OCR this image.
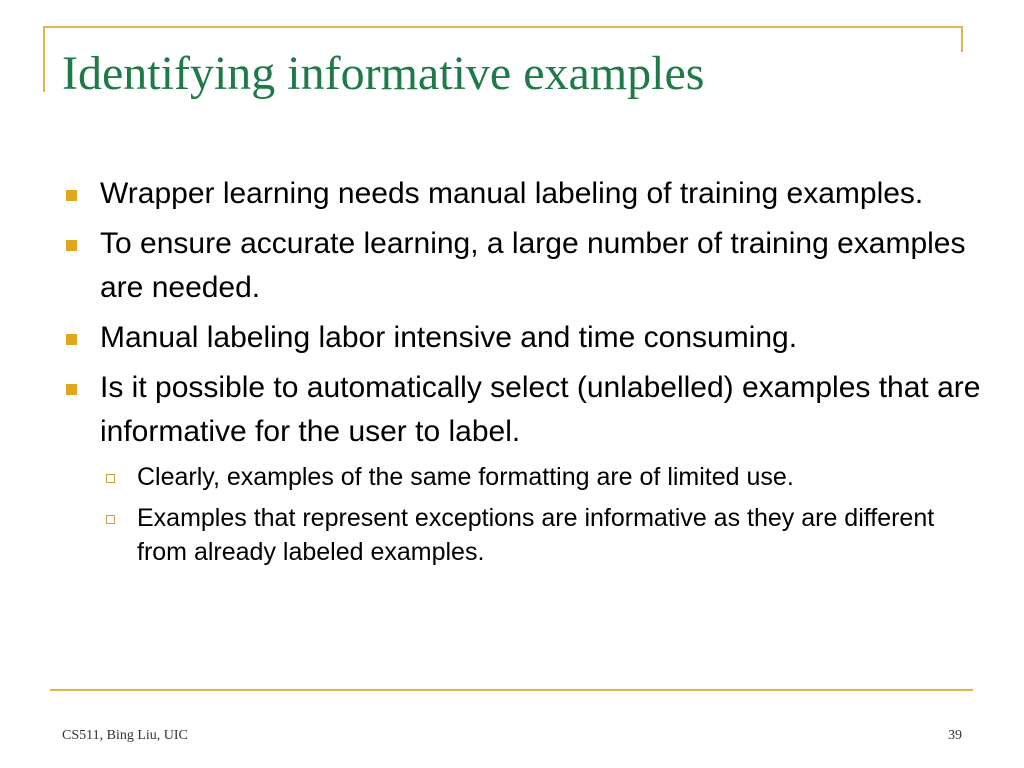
Identifying informative examples
Wrapper learning needs manual labeling of training examples.
To ensure accurate learning, a large number of training examples are needed.
Manual labeling labor intensive and time consuming.
Is it possible to automatically select (unlabelled) examples that are informative for the user to label.
Clearly, examples of the same formatting are of limited use.
Examples that represent exceptions are informative as they are different from already labeled examples.
CS511, Bing Liu, UIC	39
